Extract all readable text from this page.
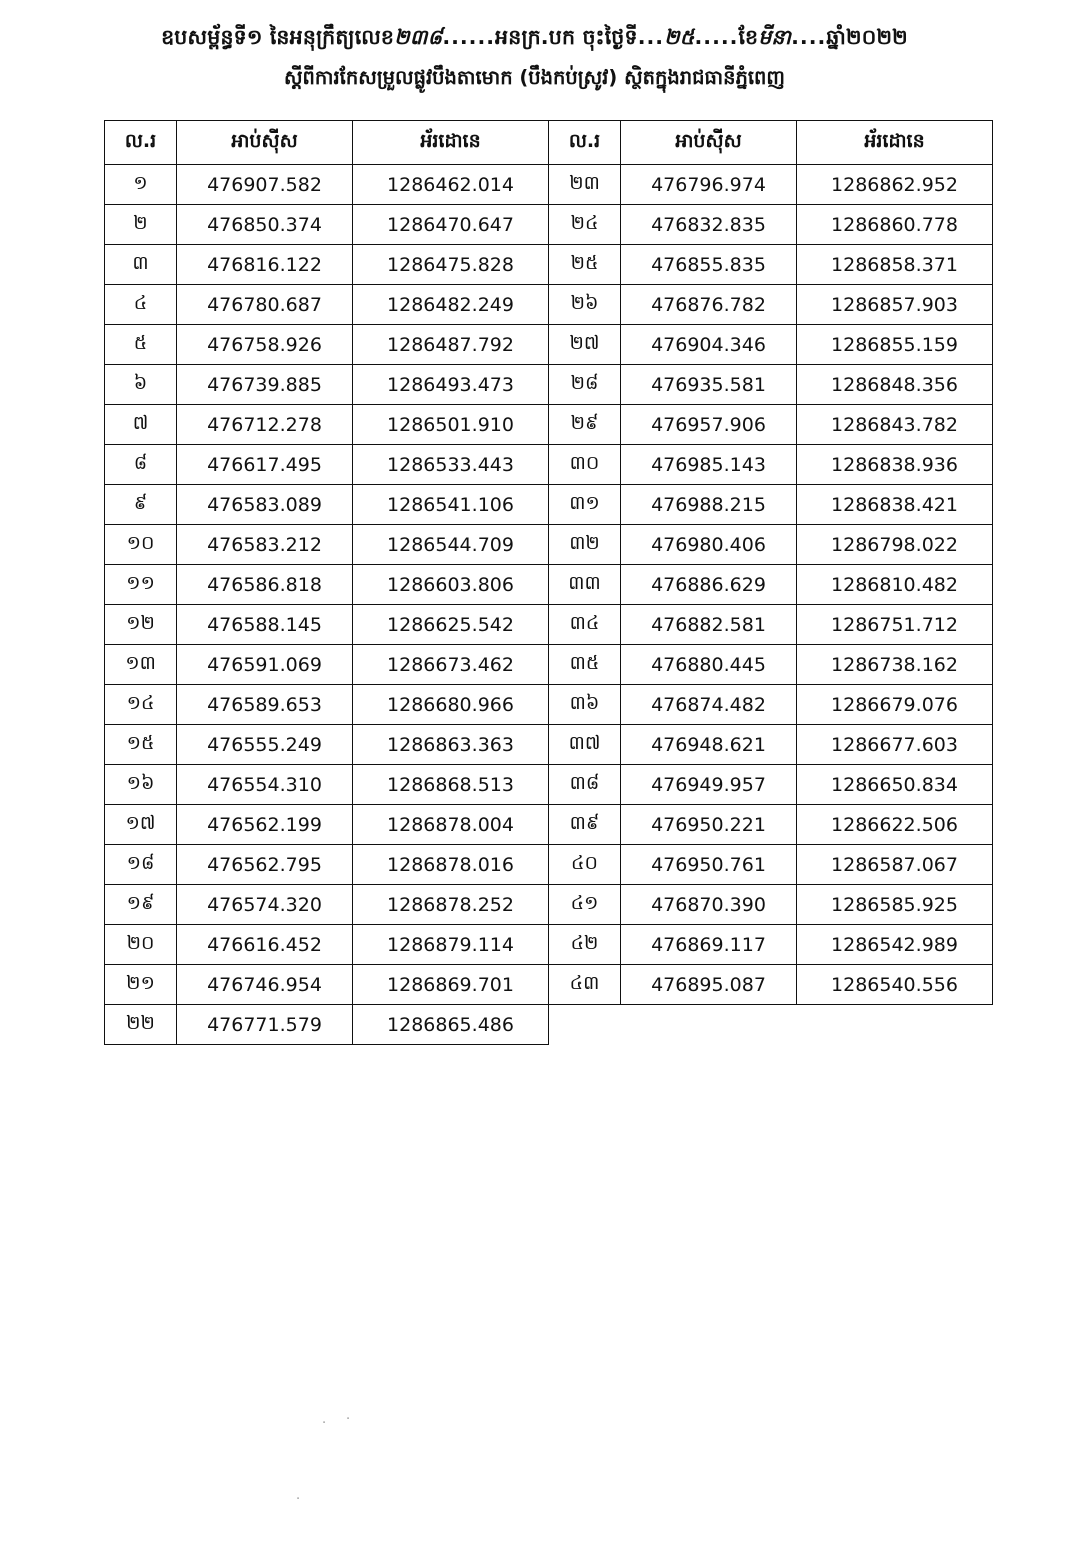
ឧបសម្ព័ន្ធទី១ នៃអនុក្រឹត្យលេខ២៣៨......អនក្រ.បក ចុះថ្ងៃទី...២៥.....ខែមីនា....ឆ្នាំ២០២២
ស្ដីពីការកែសម្រួលផ្លូវបឹងតាមោក (បឹងកប់ស្រូវ) ស្ថិតក្នុងរាជធានីភ្នំពេញ
ល.រ	អាប់ស៊ីស	អ័រដោនេ	ល.រ	អាប់ស៊ីស	អ័រដោនេ
១	476907.582	1286462.014	២៣	476796.974	1286862.952
២	476850.374	1286470.647	២៤	476832.835	1286860.778
៣	476816.122	1286475.828	២៥	476855.835	1286858.371
៤	476780.687	1286482.249	២៦	476876.782	1286857.903
៥	476758.926	1286487.792	២៧	476904.346	1286855.159
៦	476739.885	1286493.473	២៨	476935.581	1286848.356
៧	476712.278	1286501.910	២៩	476957.906	1286843.782
៨	476617.495	1286533.443	៣០	476985.143	1286838.936
៩	476583.089	1286541.106	៣១	476988.215	1286838.421
១០	476583.212	1286544.709	៣២	476980.406	1286798.022
១១	476586.818	1286603.806	៣៣	476886.629	1286810.482
១២	476588.145	1286625.542	៣៤	476882.581	1286751.712
១៣	476591.069	1286673.462	៣៥	476880.445	1286738.162
១៤	476589.653	1286680.966	៣៦	476874.482	1286679.076
១៥	476555.249	1286863.363	៣៧	476948.621	1286677.603
១៦	476554.310	1286868.513	៣៨	476949.957	1286650.834
១៧	476562.199	1286878.004	៣៩	476950.221	1286622.506
១៨	476562.795	1286878.016	៤០	476950.761	1286587.067
១៩	476574.320	1286878.252	៤១	476870.390	1286585.925
២០	476616.452	1286879.114	៤២	476869.117	1286542.989
២១	476746.954	1286869.701	៤៣	476895.087	1286540.556
២២	476771.579	1286865.486			
. .
.
